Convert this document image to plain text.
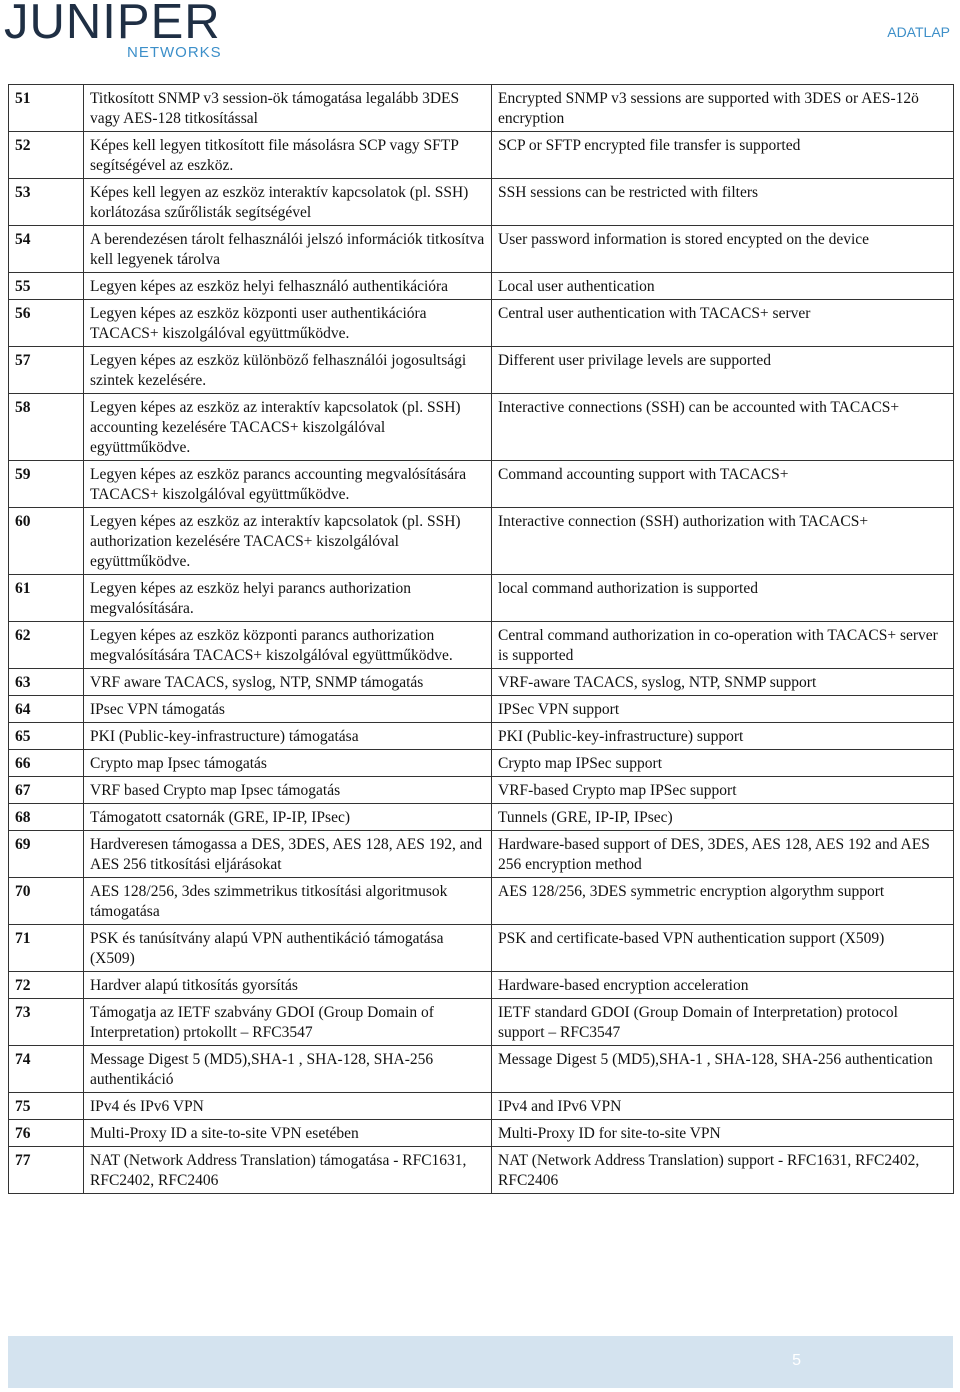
JUNIPER
NETWORKS
ADATLAP
51	Titkosított SNMP v3 session-ök támogatása legalább 3DES vagy AES-128 titkosítással	Encrypted SNMP v3 sessions are supported with 3DES or AES-12ö encryption
52	Képes kell legyen titkosított file másolásra SCP vagy SFTP segítségével az eszköz.	SCP or SFTP encrypted file transfer is supported
53	Képes kell legyen az eszköz interaktív kapcsolatok (pl. SSH) korlátozása szűrőlisták segítségével	SSH sessions can be restricted with filters
54	A berendezésen tárolt felhasználói jelszó információk titkosítva kell legyenek tárolva	User password information is stored encypted on the device
55	Legyen képes az eszköz helyi felhasználó authentikációra	Local user authentication
56	Legyen képes az eszköz központi user authentikációra TACACS+ kiszolgálóval együttműködve.	Central user authentication with TACACS+ server
57	Legyen képes az eszköz különböző felhasználói jogosultsági szintek kezelésére.	Different user privilage levels are supported
58	Legyen képes az eszköz az interaktív kapcsolatok (pl. SSH) accounting kezelésére TACACS+ kiszolgálóval együttműködve.	Interactive connections (SSH) can be accounted with TACACS+
59	Legyen képes az eszköz parancs accounting megvalósítására TACACS+ kiszolgálóval együttműködve.	Command accounting support with TACACS+
60	Legyen képes az eszköz az interaktív kapcsolatok (pl. SSH) authorization kezelésére TACACS+ kiszolgálóval együttműködve.	Interactive connection (SSH) authorization with TACACS+
61	Legyen képes az eszköz helyi parancs authorization megvalósítására.	local command authorization is supported
62	Legyen képes az eszköz központi parancs authorization megvalósítására TACACS+ kiszolgálóval együttműködve.	Central command authorization in co-operation with TACACS+ server is supported
63	VRF aware TACACS, syslog, NTP, SNMP támogatás	VRF-aware TACACS, syslog, NTP, SNMP support
64	IPsec VPN támogatás	IPSec VPN support
65	PKI (Public-key-infrastructure) támogatása	PKI (Public-key-infrastructure) support
66	Crypto map Ipsec támogatás	Crypto map IPSec support
67	VRF based Crypto map Ipsec támogatás	VRF-based Crypto map IPSec support
68	Támogatott csatornák (GRE, IP-IP, IPsec)	Tunnels (GRE, IP-IP, IPsec)
69	Hardveresen támogassa a DES, 3DES, AES 128, AES 192, and AES 256 titkosítási eljárásokat	Hardware-based support of DES, 3DES, AES 128, AES 192 and AES 256 encryption method
70	AES 128/256, 3des szimmetrikus titkosítási algoritmusok támogatása	AES 128/256, 3DES symmetric encryption algorythm support
71	PSK és tanúsítvány alapú VPN authentikáció támogatása (X509)	PSK and certificate-based VPN authentication support (X509)
72	Hardver alapú titkosítás gyorsítás	Hardware-based encryption acceleration
73	Támogatja az IETF szabvány GDOI (Group Domain of Interpretation) prtokollt – RFC3547	IETF standard GDOI (Group Domain of Interpretation) protocol support – RFC3547
74	Message Digest 5 (MD5),SHA-1 , SHA-128, SHA-256 authentikáció	Message Digest 5 (MD5),SHA-1 , SHA-128, SHA-256 authentication
75	IPv4 és IPv6 VPN	IPv4 and IPv6 VPN
76	Multi-Proxy ID a site-to-site VPN esetében	Multi-Proxy ID for site-to-site VPN
77	NAT (Network Address Translation) támogatása - RFC1631, RFC2402, RFC2406	NAT (Network Address Translation) support - RFC1631, RFC2402, RFC2406
5
